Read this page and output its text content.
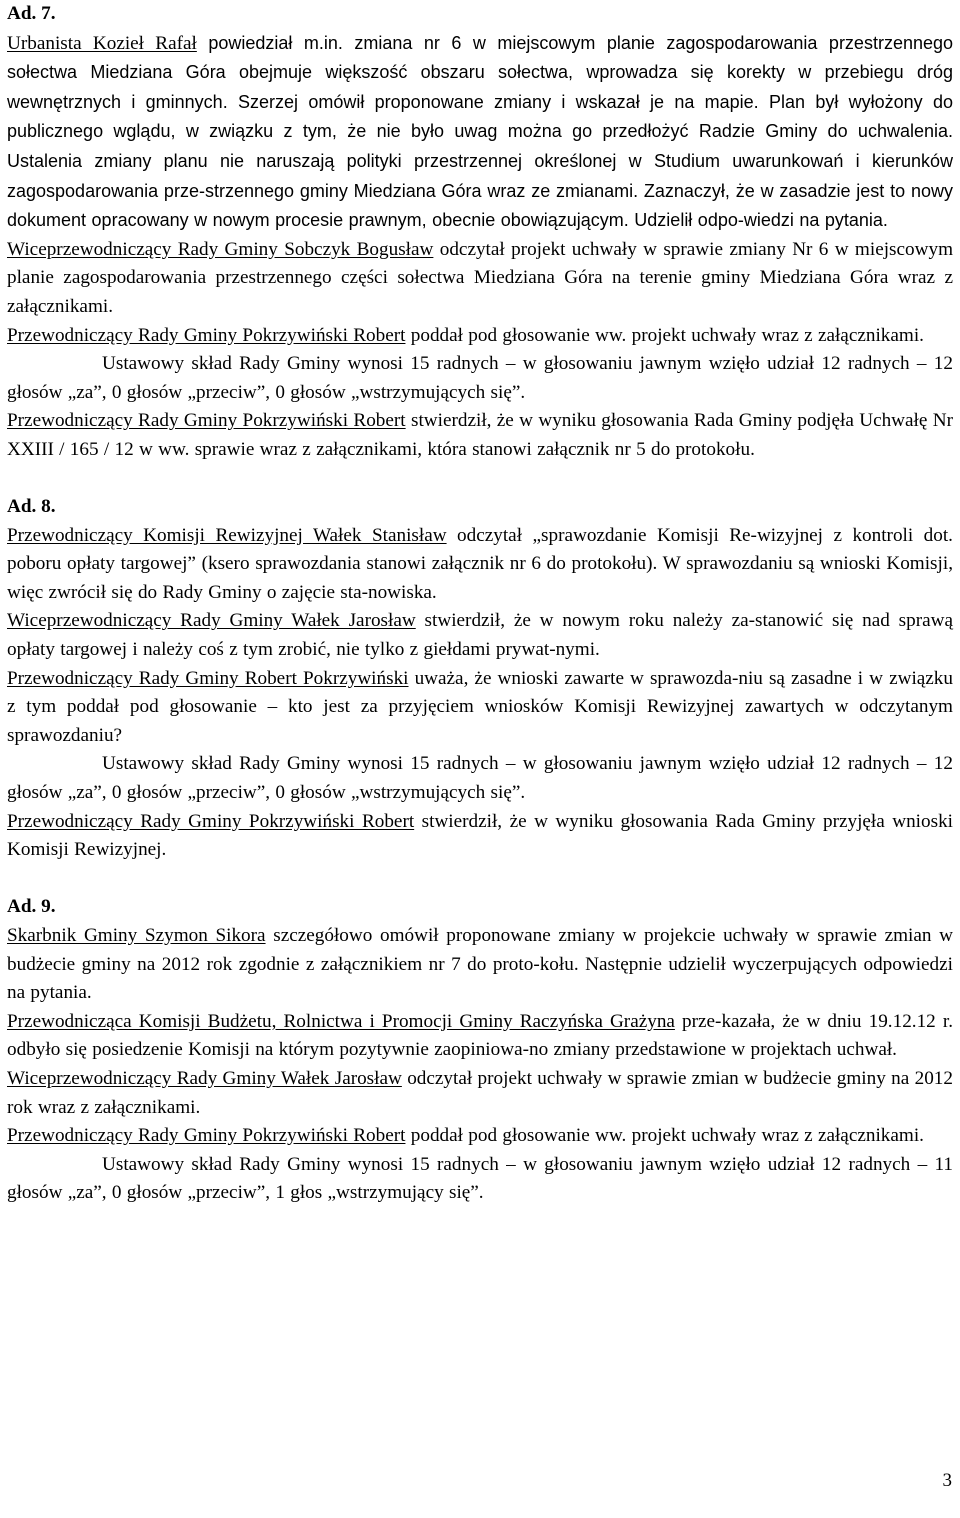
Ad. 7.

Urbanista Kozieł Rafał powiedział m.in. zmiana nr 6 w miejscowym planie zagospodarowania przestrzennego sołectwa Miedziana Góra obejmuje większość obszaru sołectwa, wprowadza się korekty w przebiegu dróg wewnętrznych i gminnych. Szerzej omówił proponowane zmiany i wskazał je na mapie. Plan był wyłożony do publicznego wglądu, w związku z tym, że nie było uwag można go przedłożyć Radzie Gminy do uchwalenia. Ustalenia zmiany planu nie naruszają polityki przestrzennej określonej w Studium uwarunkowań i kierunków zagospodarowania prze-strzennego gminy Miedziana Góra wraz ze zmianami. Zaznaczył, że w zasadzie jest to nowy dokument opracowany w nowym procesie prawnym, obecnie obowiązującym. Udzielił odpo-wiedzi na pytania.

Wiceprzewodniczący Rady Gminy Sobczyk Bogusław odczytał projekt uchwały w sprawie zmiany Nr 6 w miejscowym planie zagospodarowania przestrzennego części sołectwa Miedziana Góra na terenie gminy Miedziana Góra wraz z załącznikami.

Przewodniczący Rady Gminy Pokrzywiński Robert poddał pod głosowanie ww. projekt uchwały wraz z załącznikami.

Ustawowy skład Rady Gminy wynosi 15 radnych – w głosowaniu jawnym wzięło udział 12 radnych – 12 głosów „za”, 0 głosów „przeciw”, 0 głosów „wstrzymujących się”.

Przewodniczący Rady Gminy Pokrzywiński Robert stwierdził, że w wyniku głosowania Rada Gminy podjęła Uchwałę Nr XXIII / 165 / 12 w ww. sprawie wraz z załącznikami, która stanowi załącznik nr 5 do protokołu.

Ad. 8.

Przewodniczący Komisji Rewizyjnej Wałek Stanisław odczytał „sprawozdanie Komisji Re-wizyjnej z kontroli dot. poboru opłaty targowej” (ksero sprawozdania stanowi załącznik nr 6 do protokołu). W sprawozdaniu są wnioski Komisji, więc zwrócił się do Rady Gminy o zajęcie sta-nowiska.

Wiceprzewodniczący Rady Gminy Wałek Jarosław stwierdził, że w nowym roku należy za-stanowić się nad sprawą opłaty targowej i należy coś z tym zrobić, nie tylko z giełdami prywat-nymi.

Przewodniczący Rady Gminy Robert Pokrzywiński uważa, że wnioski zawarte w sprawozda-niu są zasadne i w związku z tym poddał pod głosowanie – kto jest za przyjęciem wniosków Komisji Rewizyjnej zawartych w odczytanym sprawozdaniu?

Ustawowy skład Rady Gminy wynosi 15 radnych – w głosowaniu jawnym wzięło udział 12 radnych – 12 głosów „za”, 0 głosów „przeciw”, 0 głosów „wstrzymujących się”.

Przewodniczący Rady Gminy Pokrzywiński Robert stwierdził, że w wyniku głosowania Rada Gminy przyjęła wnioski Komisji Rewizyjnej.

Ad. 9.

Skarbnik Gminy Szymon Sikora szczegółowo omówił proponowane zmiany w projekcie uchwały w sprawie zmian w budżecie gminy na 2012 rok zgodnie z załącznikiem nr 7 do proto-kołu. Następnie udzielił wyczerpujących odpowiedzi na pytania.

Przewodnicząca Komisji Budżetu, Rolnictwa i Promocji Gminy Raczyńska Grażyna prze-kazała, że w dniu 19.12.12 r. odbyło się posiedzenie Komisji na którym pozytywnie zaopiniowa-no zmiany przedstawione w projektach uchwał.

Wiceprzewodniczący Rady Gminy Wałek Jarosław odczytał projekt uchwały w sprawie zmian w budżecie gminy na 2012 rok wraz z załącznikami.

Przewodniczący Rady Gminy Pokrzywiński Robert poddał pod głosowanie ww. projekt uchwały wraz z załącznikami.

Ustawowy skład Rady Gminy wynosi 15 radnych – w głosowaniu jawnym wzięło udział 12 radnych – 11 głosów „za”, 0 głosów „przeciw”, 1 głos „wstrzymujący się”.

3
